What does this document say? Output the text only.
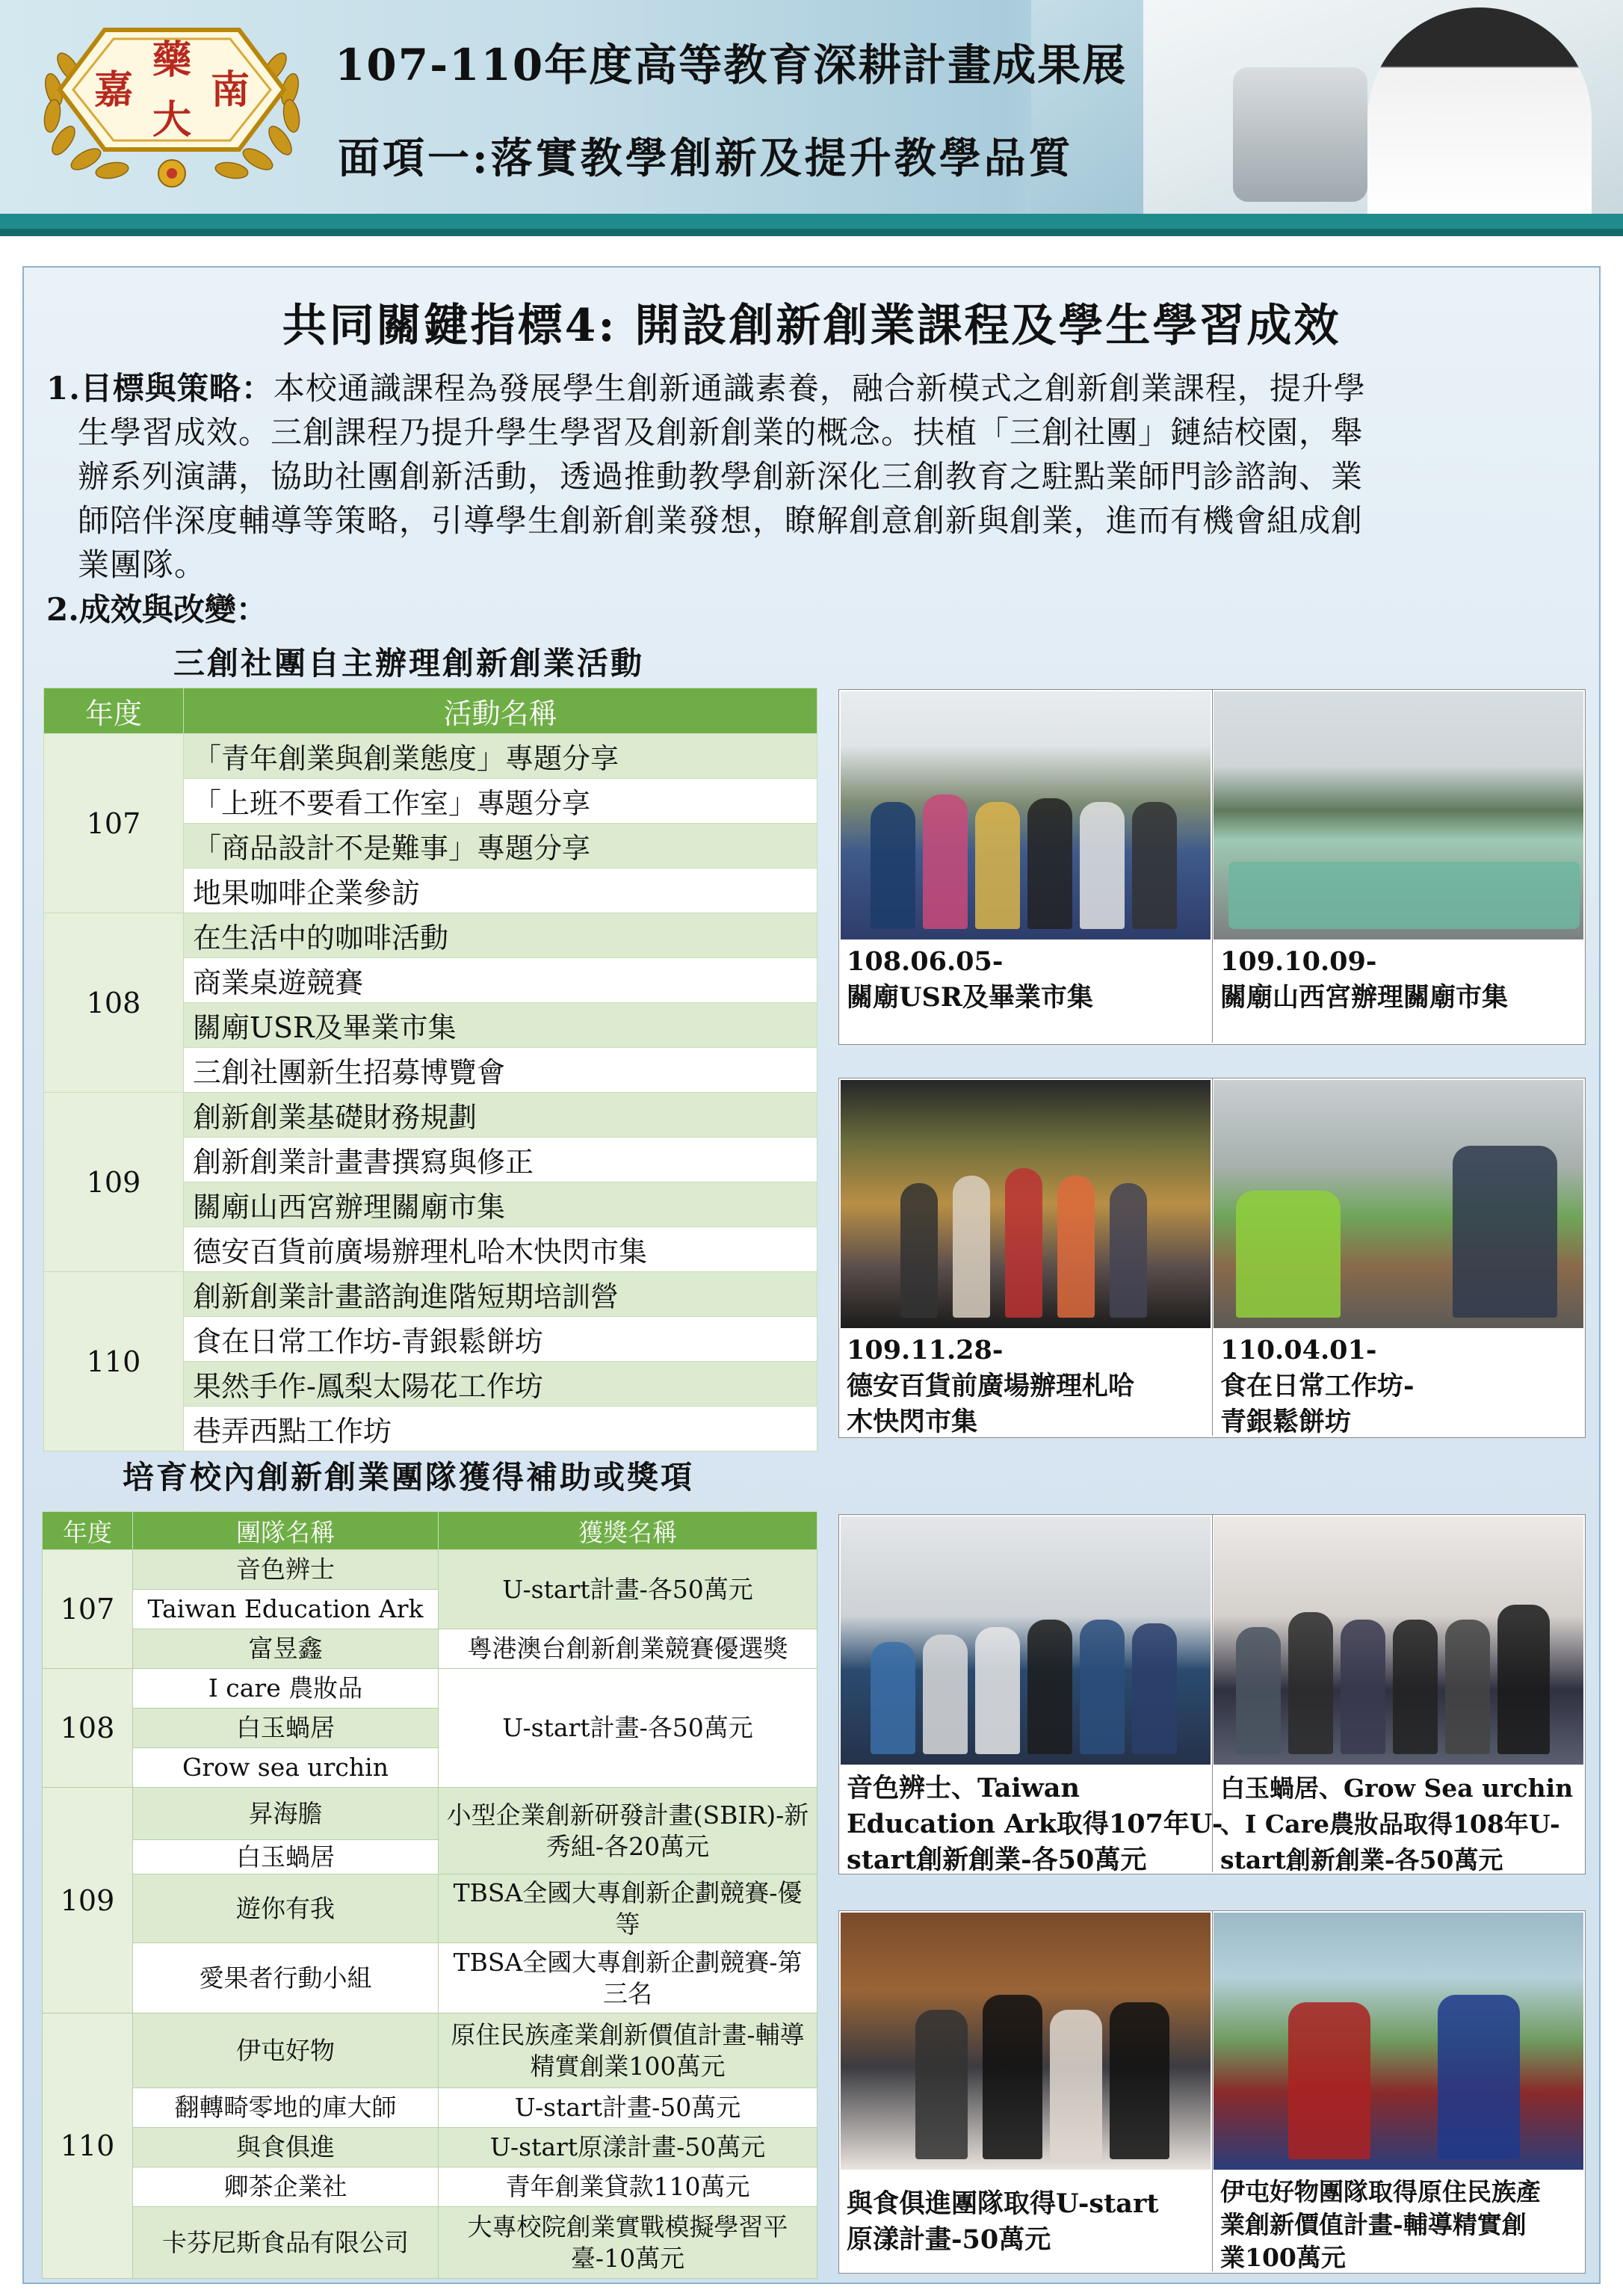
藥
嘉 南
大
107-110年度高等教育深耕計畫成果展
面項一:落實教學創新及提升教學品質
共同關鍵指標4: 開設創新創業課程及學生學習成效
1.目標與策略：本校通識課程為發展學生創新通識素養，融合新模式之創新創業課程，提升學
生學習成效。三創課程乃提升學生學習及創新創業的概念。扶植「三創社團」鏈結校園，舉
辦系列演講，協助社團創新活動，透過推動教學創新深化三創教育之駐點業師門診諮詢、業
師陪伴深度輔導等策略，引導學生創新創業發想，瞭解創意創新與創業，進而有機會組成創
業團隊。
2.成效與改變：
三創社團自主辦理創新創業活動
年度	活動名稱
107	「青年創業與創業態度」專題分享
	「上班不要看工作室」專題分享
	「商品設計不是難事」專題分享
	地果咖啡企業參訪
108	在生活中的咖啡活動
	商業桌遊競賽
	關廟USR及畢業市集
	三創社團新生招募博覽會
109	創新創業基礎財務規劃
	創新創業計畫書撰寫與修正
	關廟山西宮辦理關廟市集
	德安百貨前廣場辦理札哈木快閃市集
110	創新創業計畫諮詢進階短期培訓營
	食在日常工作坊-青銀鬆餅坊
	果然手作-鳳梨太陽花工作坊
	巷弄西點工作坊
培育校內創新創業團隊獲得補助或獎項
年度	團隊名稱	獲獎名稱
107	音色辨士	U-start計畫-各50萬元
	Taiwan Education Ark	
	富昱鑫	粵港澳台創新創業競賽優選獎
108	I care 農妝品	U-start計畫-各50萬元
	白玉蝸居	
	Grow sea urchin	
109	昇海膽	小型企業創新研發計畫(SBIR)-新秀組-各20萬元
	白玉蝸居	
	遊你有我	TBSA全國大專創新企劃競賽-優等
	愛果者行動小組	TBSA全國大專創新企劃競賽-第三名
110	伊屯好物	原住民族產業創新價值計畫-輔導精實創業100萬元
	翻轉畸零地的庫大師	U-start計畫-50萬元
	與食俱進	U-start原漾計畫-50萬元
	卿茶企業社	青年創業貸款110萬元
	卡芬尼斯食品有限公司	大專校院創業實戰模擬學習平臺-10萬元
108.06.05-
關廟USR及畢業市集
109.10.09-
關廟山西宮辦理關廟市集
109.11.28-
德安百貨前廣場辦理札哈
木快閃市集
110.04.01-
食在日常工作坊-
青銀鬆餅坊
音色辨士、Taiwan
Education Ark取得107年U-
start創新創業-各50萬元
白玉蝸居、Grow Sea urchin
、I Care農妝品取得108年U-
start創新創業-各50萬元
與食俱進團隊取得U-start
原漾計畫-50萬元
伊屯好物團隊取得原住民族產
業創新價值計畫-輔導精實創
業100萬元
